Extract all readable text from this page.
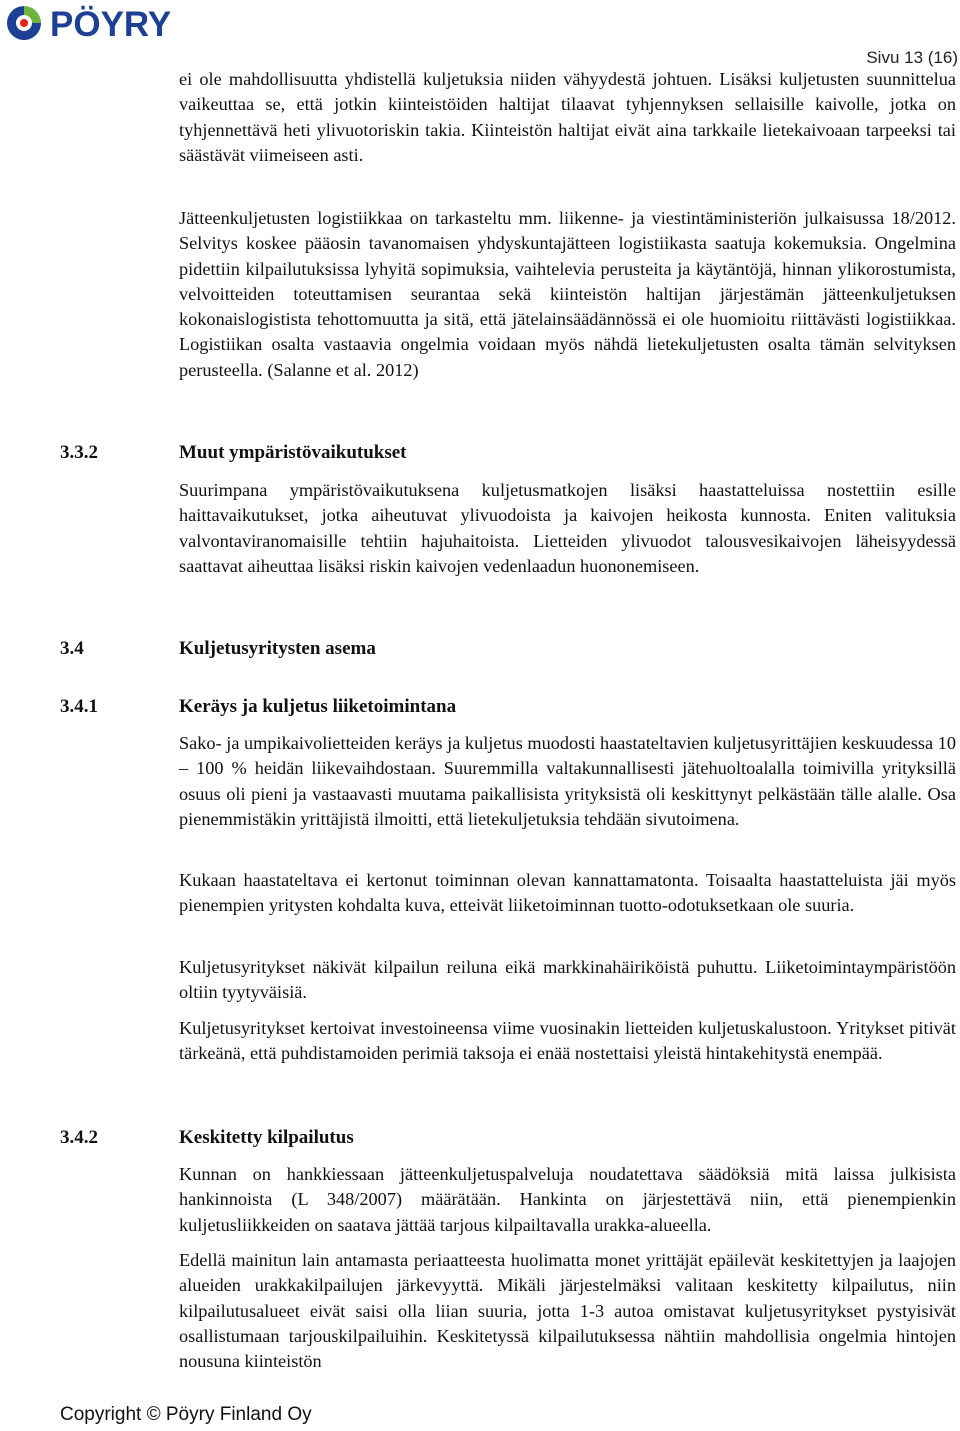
PÖYRY
Sivu 13 (16)

ei ole mahdollisuutta yhdistellä kuljetuksia niiden vähyydestä johtuen. Lisäksi kuljetusten suunnittelua vaikeuttaa se, että jotkin kiinteistöiden haltijat tilaavat tyhjennyksen sellaisille kaivolle, jotka on tyhjennettävä heti ylivuotoriskin takia. Kiinteistön haltijat eivät aina tarkkaile lietekaivoaan tarpeeksi tai säästävät viimeiseen asti.

Jätteenkuljetusten logistiikkaa on tarkasteltu mm. liikenne- ja viestintäministeriön julkaisussa 18/2012. Selvitys koskee pääosin tavanomaisen yhdyskuntajätteen logistiikasta saatuja kokemuksia. Ongelmina pidettiin kilpailutuksissa lyhyitä sopimuksia, vaihtelevia perusteita ja käytäntöjä, hinnan ylikorostumista, velvoitteiden toteuttamisen seurantaa sekä kiinteistön haltijan järjestämän jätteenkuljetuksen kokonaislogistista tehottomuutta ja sitä, että jätelainsäädännössä ei ole huomioitu riittävästi logistiikkaa. Logistiikan osalta vastaavia ongelmia voidaan myös nähdä lietekuljetusten osalta tämän selvityksen perusteella. (Salanne et al. 2012)

3.3.2	Muut ympäristövaikutukset

Suurimpana ympäristövaikutuksena kuljetusmatkojen lisäksi haastatteluissa nostettiin esille haittavaikutukset, jotka aiheutuvat ylivuodoista ja kaivojen heikosta kunnosta. Eniten valituksia valvontaviranomaisille tehtiin hajuhaitoista. Lietteiden ylivuodot talousvesikaivojen läheisyydessä saattavat aiheuttaa lisäksi riskin kaivojen vedenlaadun huononemiseen.

3.4	Kuljetusyritysten asema
3.4.1	Keräys ja kuljetus liiketoimintana

Sako- ja umpikaivolietteiden keräys ja kuljetus muodosti haastateltavien kuljetusyrittäjien keskuudessa 10 – 100 % heidän liikevaihdostaan. Suuremmilla valtakunnallisesti jätehuoltoalalla toimivilla yrityksillä osuus oli pieni ja vastaavasti muutama paikallisista yrityksistä oli keskittynyt pelkästään tälle alalle. Osa pienemmistäkin yrittäjistä ilmoitti, että lietekuljetuksia tehdään sivutoimena.

Kukaan haastateltava ei kertonut toiminnan olevan kannattamatonta. Toisaalta haastatteluista jäi myös pienempien yritysten kohdalta kuva, etteivät liiketoiminnan tuotto-odotuksetkaan ole suuria.

Kuljetusyritykset näkivät kilpailun reiluna eikä markkinahäiriköistä puhuttu. Liiketoimintaympäristöön oltiin tyytyväisiä.

Kuljetusyritykset kertoivat investoineensa viime vuosinakin lietteiden kuljetuskalustoon. Yritykset pitivät tärkeänä, että puhdistamoiden perimiä taksoja ei enää nostettaisi yleistä hintakehitystä enempää.

3.4.2	Keskitetty kilpailutus

Kunnan on hankkiessaan jätteenkuljetuspalveluja noudatettava säädöksiä mitä laissa julkisista hankinnoista (L 348/2007) määrätään. Hankinta on järjestettävä niin, että pienempienkin kuljetusliikkeiden on saatava jättää tarjous kilpailtavalla urakka-alueella.

Edellä mainitun lain antamasta periaatteesta huolimatta monet yrittäjät epäilevät keskitettyjen ja laajojen alueiden urakkakilpailujen järkevyyttä. Mikäli järjestelmäksi valitaan keskitetty kilpailutus, niin kilpailutusalueet eivät saisi olla liian suuria, jotta 1-3 autoa omistavat kuljetusyritykset pystyisivät osallistumaan tarjouskilpailuihin. Keskitetyssä kilpailutuksessa nähtiin mahdollisia ongelmia hintojen nousuna kiinteistön

Copyright © Pöyry Finland Oy
